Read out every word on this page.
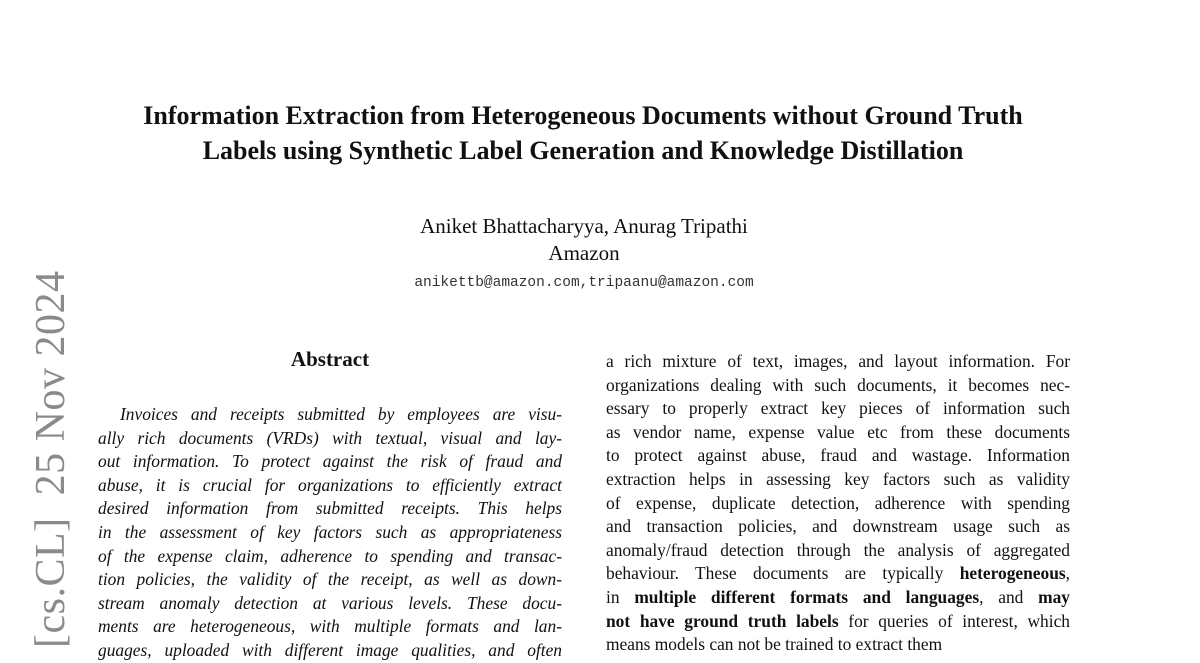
Information Extraction from Heterogeneous Documents without Ground Truth
Labels using Synthetic Label Generation and Knowledge Distillation
Aniket Bhattacharyya, Anurag Tripathi
Amazon
anikettb@amazon.com,tripaanu@amazon.com
[cs.CL]25 Nov 2024	Abstract
Invoices and receipts submitted by employees are visu-
ally rich documents (VRDs) with textual, visual and lay-
out information. To protect against the risk of fraud and
abuse, it is crucial for organizations to efficiently extract
desired information from submitted receipts. This helps
in the assessment of key factors such as appropriateness
of the expense claim, adherence to spending and transac-
tion policies, the validity of the receipt, as well as down-
stream anomaly detection at various levels. These docu-
ments are heterogeneous, with multiple formats and lan-
guages, uploaded with different image qualities, and often
a rich mixture of text, images, and layout information. For
organizations dealing with such documents, it becomes nec-
essary to properly extract key pieces of information such
as vendor name, expense value etc from these documents
to protect against abuse, fraud and wastage. Information
extraction helps in assessing key factors such as validity
of expense, duplicate detection, adherence with spending
and transaction policies, and downstream usage such as
anomaly/fraud detection through the analysis of aggregated
behaviour. These documents are typically heterogeneous,
in multiple different formats and languages, and may
not have ground truth labels for queries of interest, which
means models can not be trained to extract them
